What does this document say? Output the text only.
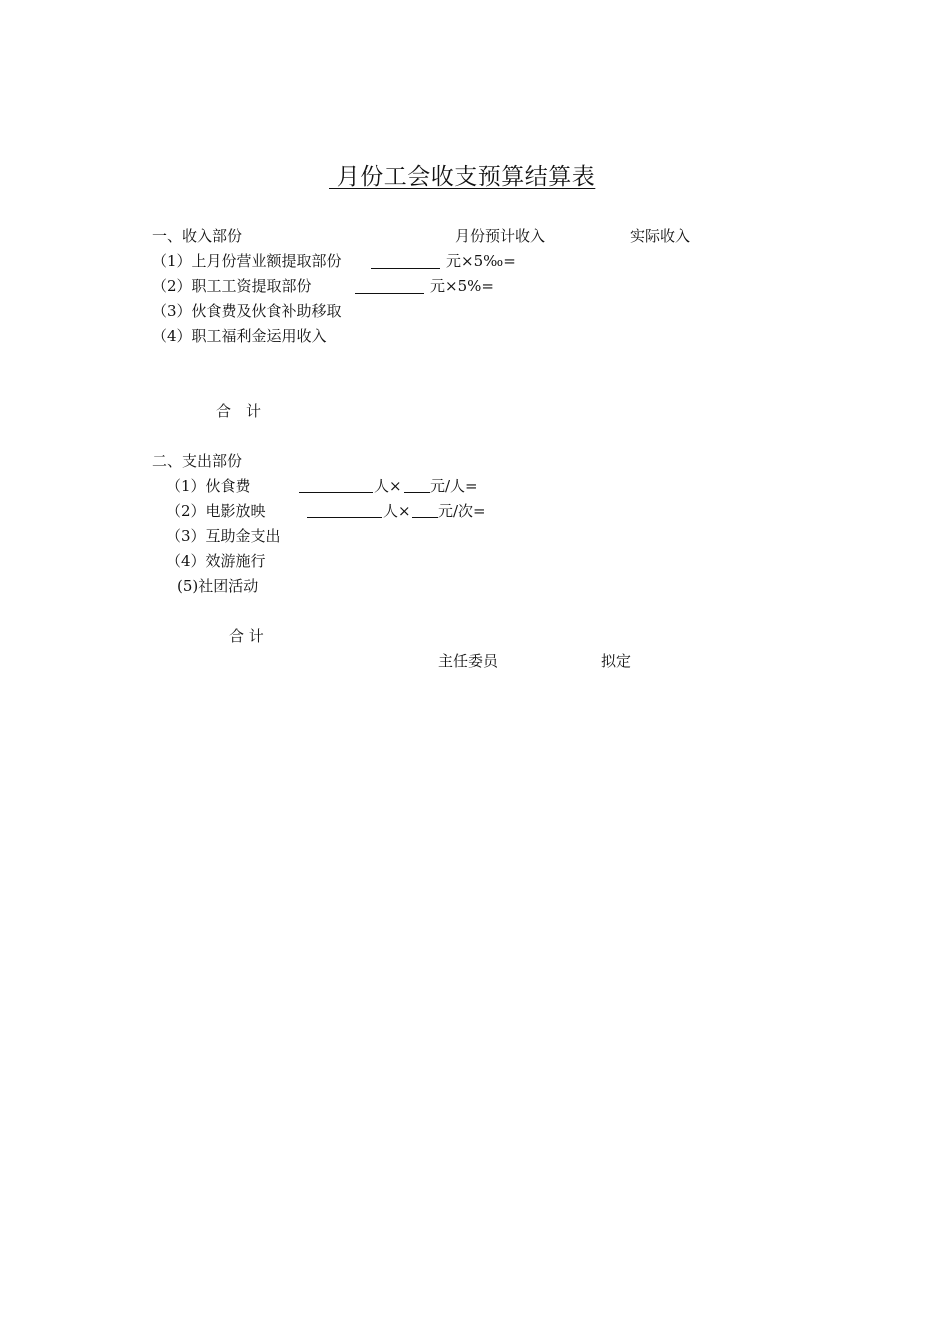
月份工会收支预算结算表
一、收入部份	月份预计收入	实际收入
（1）上月份营业额提取部份	元×5‰=
（2）职工工资提取部份	元×5%=
（3）伙食费及伙食补助移取
（4）职工福利金运用收入
合　计
二、支出部份
（1）伙食费	人× 元/人=
（2）电影放映	人× 元/次=
（3）互助金支出
（4）效游施行
(5)社团活动
合 计
主任委员	拟定
